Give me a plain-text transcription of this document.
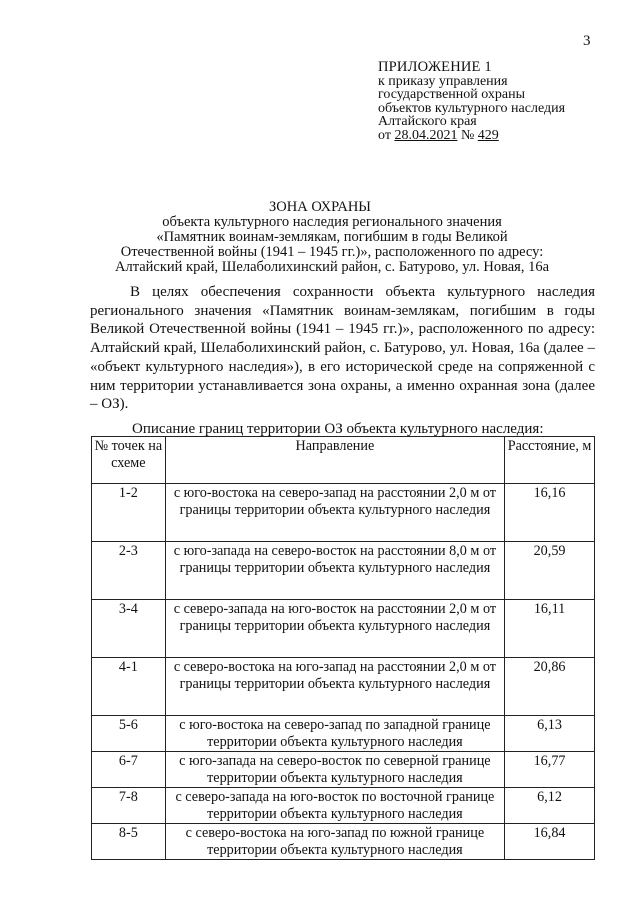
3
ПРИЛОЖЕНИЕ 1
к приказу управления
государственной охраны
объектов культурного наследия
Алтайского края
от 28.04.2021 № 429
ЗОНА ОХРАНЫ
объекта культурного наследия регионального значения
«Памятник воинам-землякам, погибшим в годы Великой
Отечественной войны (1941 – 1945 гг.)», расположенного по адресу:
Алтайский край, Шелаболихинский район, с. Батурово, ул. Новая, 16а
В целях обеспечения сохранности объекта культурного наследия регионального значения «Памятник воинам-землякам, погибшим в годы Великой Отечественной войны (1941 – 1945 гг.)», расположенного по адресу: Алтайский край, Шелаболихинский район, с. Батурово, ул. Новая, 16а (далее – «объект культурного наследия»), в его исторической среде на сопряженной с ним территории устанавливается зона охраны, а именно охранная зона (далее – ОЗ).
Описание границ территории ОЗ объекта культурного наследия:
№ точек на схеме	Направление	Расстояние, м
1-2	с юго-востока на северо-запад на расстоянии 2,0 м от границы территории объекта культурного наследия	16,16
2-3	с юго-запада на северо-восток на расстоянии 8,0 м от границы территории объекта культурного наследия	20,59
3-4	с северо-запада на юго-восток на расстоянии 2,0 м от границы территории объекта культурного наследия	16,11
4-1	с северо-востока на юго-запад на расстоянии 2,0 м от границы территории объекта культурного наследия	20,86
5-6	с юго-востока на северо-запад по западной границе территории объекта культурного наследия	6,13
6-7	с юго-запада на северо-восток по северной границе территории объекта культурного наследия	16,77
7-8	с северо-запада на юго-восток по восточной границе территории объекта культурного наследия	6,12
8-5	с северо-востока на юго-запад по южной границе территории объекта культурного наследия	16,84
